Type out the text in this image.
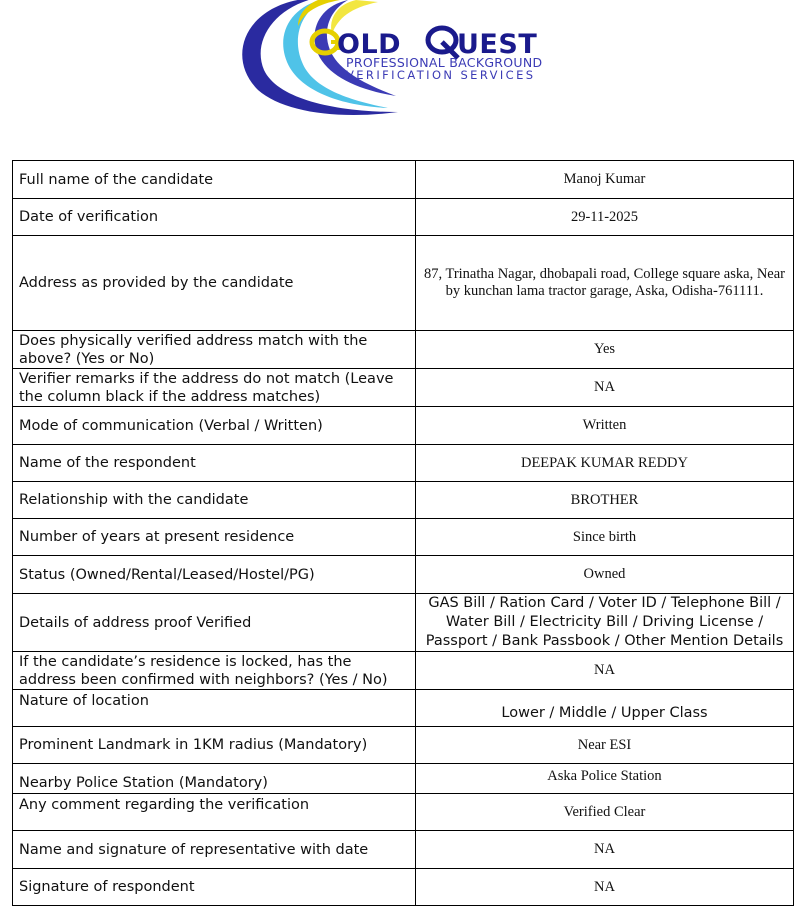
OLD UEST
PROFESSIONAL BACKGROUND
VERIFICATION SERVICES
Full name of the candidate	Manoj Kumar
Date of verification	29-11-2025
Address as provided by the candidate	87, Trinatha Nagar, dhobapali road, College square aska, Near by kunchan lama tractor garage, Aska, Odisha-761111.
Does physically verified address match with the above? (Yes or No)	Yes
Verifier remarks if the address do not match (Leave the column black if the address matches)	NA
Mode of communication (Verbal / Written)	Written
Name of the respondent	DEEPAK KUMAR REDDY
Relationship with the candidate	BROTHER
Number of years at present residence	Since birth
Status (Owned/Rental/Leased/Hostel/PG)	Owned
Details of address proof Verified	GAS Bill / Ration Card / Voter ID / Telephone Bill / Water Bill / Electricity Bill / Driving License / Passport / Bank Passbook / Other Mention Details
If the candidate’s residence is locked, has the address been confirmed with neighbors? (Yes / No)	NA
Nature of location	Lower / Middle / Upper Class
Prominent Landmark in 1KM radius (Mandatory)	Near ESI
Nearby Police Station (Mandatory)	Aska Police Station
Any comment regarding the verification	Verified Clear
Name and signature of representative with date	NA
Signature of respondent	NA
